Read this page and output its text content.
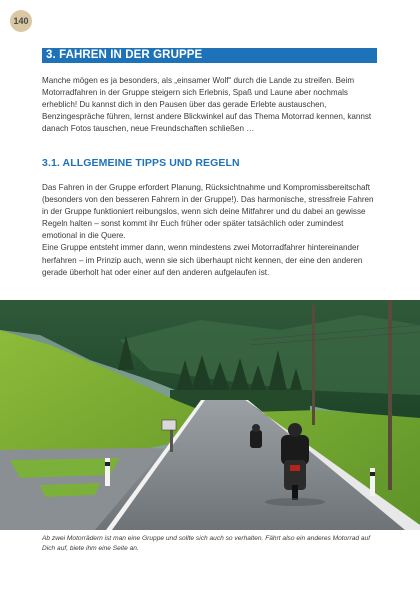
140
3. FAHREN IN DER GRUPPE

Manche mögen es ja besonders, als „einsamer Wolf“ durch die Lande zu streifen. Beim Motorradfahren in der Gruppe steigern sich Erlebnis, Spaß und Laune aber nochmals erheblich! Du kannst dich in den Pausen über das gerade Erlebte austauschen, Benzingespräche führen, lernst andere Blickwinkel auf das Thema Motorrad kennen, kannst danach Fotos tauschen, neue Freundschaften schließen …

3.1. ALLGEMEINE TIPPS UND REGELN

Das Fahren in der Gruppe erfordert Planung, Rücksichtnahme und Kompromissbereitschaft (besonders von den besseren Fahrern in der Gruppe!). Das harmonische, stressfreie Fahren in der Gruppe funktioniert reibungslos, wenn sich deine Mitfahrer und du dabei an gewisse Regeln halten – sonst kommt ihr Euch früher oder später tatsächlich oder zumindest emotional in die Quere.

Eine Gruppe entsteht immer dann, wenn mindestens zwei Motorradfahrer hintereinander herfahren – im Prinzip auch, wenn sie sich überhaupt nicht kennen, der eine den anderen gerade überholt hat oder einer auf den anderen aufgelaufen ist.

Ab zwei Motorrädern ist man eine Gruppe und sollte sich auch so verhalten. Fährt also ein anderes Motorrad auf Dich auf, biete ihm eine Seite an.
